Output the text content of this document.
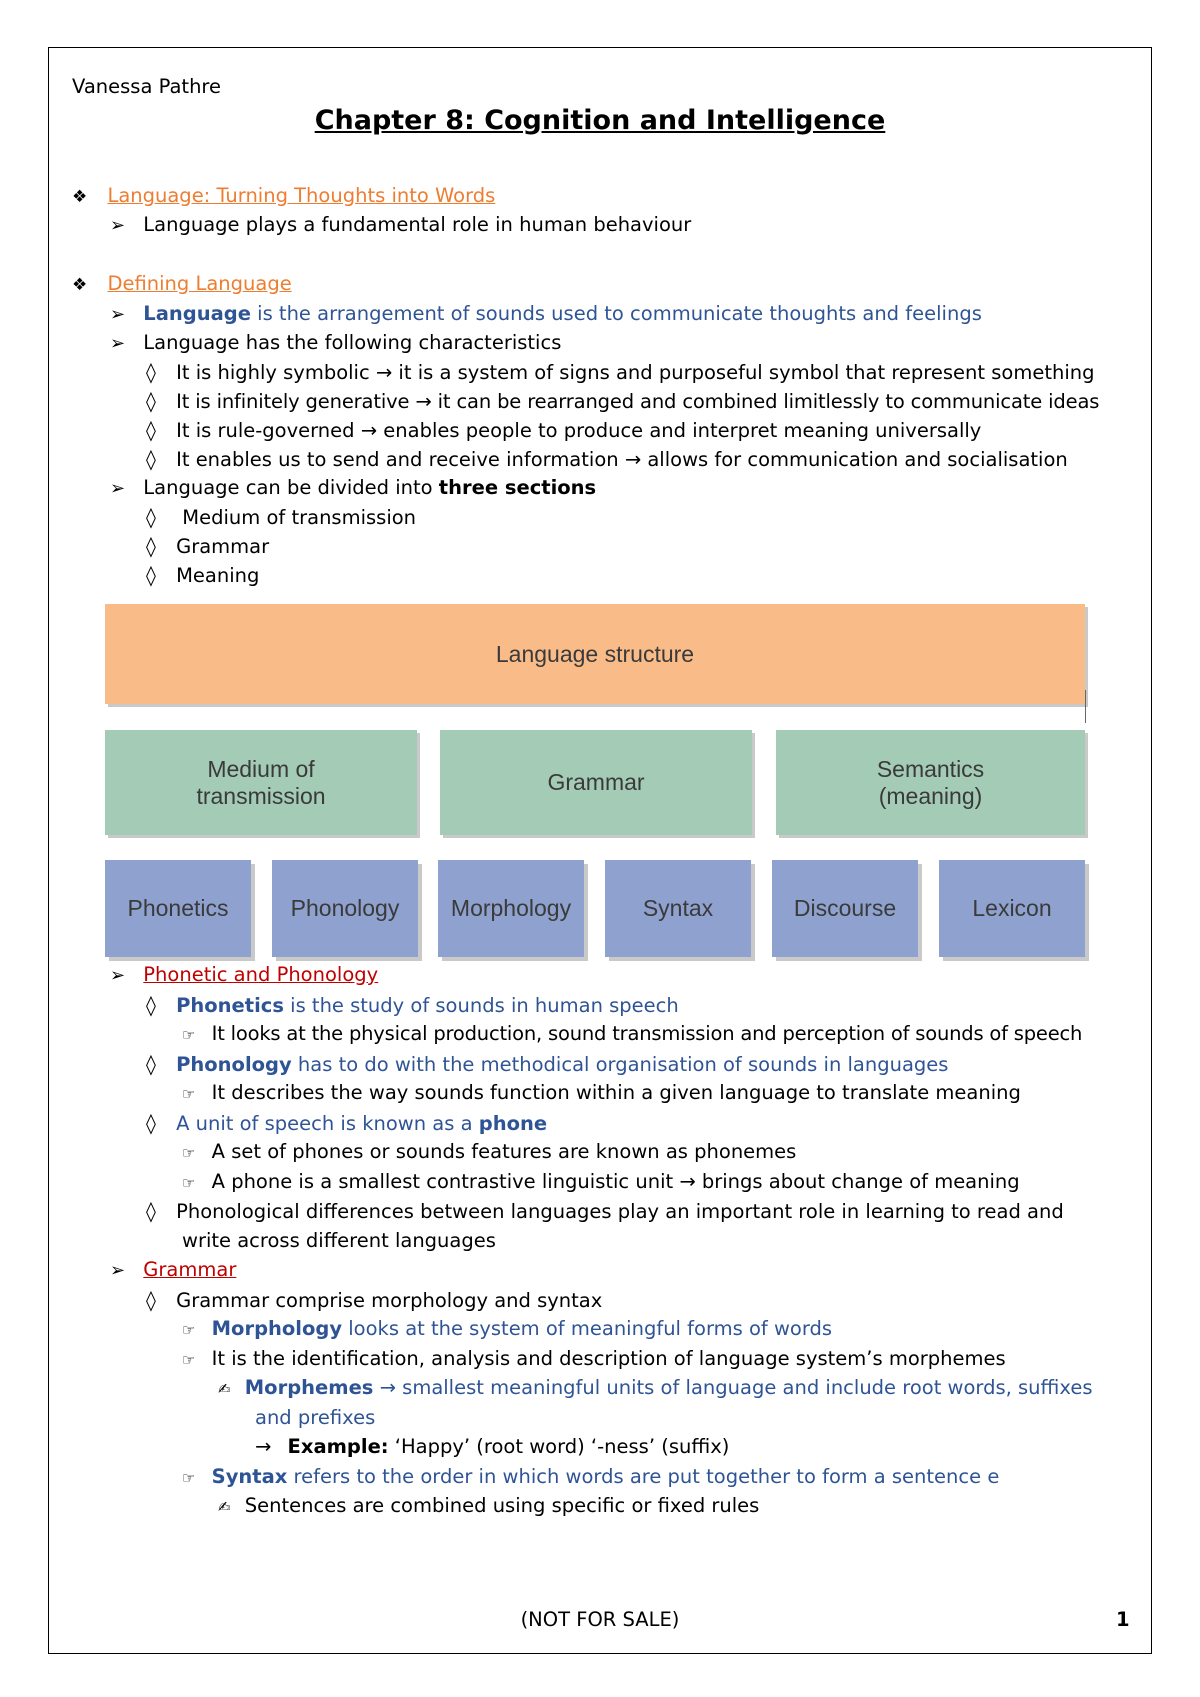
Vanessa Pathre
Chapter 8: Cognition and Intelligence
❖ Language: Turning Thoughts into Words
➢ Language plays a fundamental role in human behaviour
❖ Defining Language
➢ Language is the arrangement of sounds used to communicate thoughts and feelings
➢ Language has the following characteristics
◊ It is highly symbolic → it is a system of signs and purposeful symbol that represent something
◊ It is infinitely generative → it can be rearranged and combined limitlessly to communicate ideas
◊ It is rule-governed → enables people to produce and interpret meaning universally
◊ It enables us to send and receive information → allows for communication and socialisation
➢ Language can be divided into three sections
◊  Medium of transmission
◊ Grammar
◊ Meaning
Language structure
Medium of transmission
Grammar
Semantics (meaning)
Phonetics	Phonology	Morphology	Syntax	Discourse	Lexicon
➢ Phonetic and Phonology
◊ Phonetics is the study of sounds in human speech
☞ It looks at the physical production, sound transmission and perception of sounds of speech
◊ Phonology has to do with the methodical organisation of sounds in languages
☞ It describes the way sounds function within a given language to translate meaning
◊ A unit of speech is known as a phone
☞ A set of phones or sounds features are known as phonemes
☞ A phone is a smallest contrastive linguistic unit → brings about change of meaning
◊ Phonological differences between languages play an important role in learning to read and
write across different languages
➢ Grammar
◊ Grammar comprise morphology and syntax
☞ Morphology looks at the system of meaningful forms of words
☞ It is the identification, analysis and description of language system’s morphemes
✍ Morphemes → smallest meaningful units of language and include root words, suffixes
and prefixes
→ Example: ‘Happy’ (root word) ‘-ness’ (suffix)
☞ Syntax refers to the order in which words are put together to form a sentence e
✍ Sentences are combined using specific or fixed rules
(NOT FOR SALE)	1
